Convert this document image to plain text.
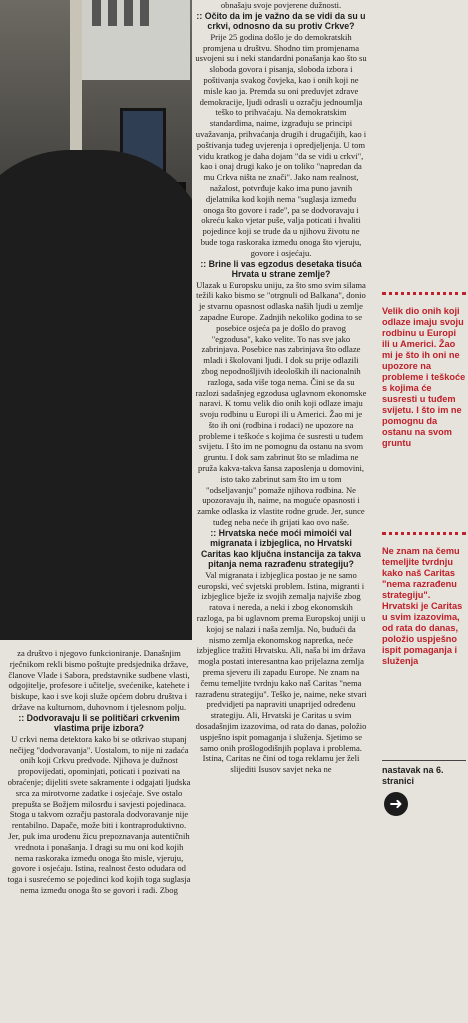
obnašaju svoje povjerene dužnosti.

:: Očito da im je važno da se vidi da su u crkvi, odnosno da su protiv Crkve?

Prije 25 godina došlo je do demokratskih promjena u društvu. Shodno tim promjenama usvojeni su i neki standardni ponašanja kao što su sloboda govora i pisanja, sloboda izbora i poštivanja svakog čovjeka, kao i onih koji ne misle kao ja. Premda su oni preduvjet zdrave demokracije, ljudi odrasli u ozračju jednoumlja teško to prihvaćaju. Na demokratskim standardima, naime, izgrađuju se principi uvažavanja, prihvaćanja drugih i drugačijih, kao i poštivanja tuđeg uvjerenja i opredjeljenja. U tom vidu kratkog je daha dojam "da se vidi u crkvi", kao i onaj drugi kako je on toliko "napredan da mu Crkva ništa ne znači". Jako nam realnost, nažalost, potvrđuje kako ima puno javnih djelatnika kod kojih nema "suglasja između onoga što govore i rade", pa se dodvoravaju i okreću kako vjetar puše, valja poticati i hvaliti pojedince koji se trude da u njihovu životu ne bude toga raskoraka između onoga što vjeruju, govore i osjećaju.

:: Brine li vas egzodus desetaka tisuća Hrvata u strane zemlje?

Ulazak u Europsku uniju, za što smo svim silama težili kako bismo se "otrgnuli od Balkana", donio je stvarnu opasnost odlaska naših ljudi u zemlje zapadne Europe. Zadnjih nekoliko godina to se posebice osjeća pa je došlo do pravog "egzodusa", kako velite. To nas sve jako zabrinjava. Posebice nas zabrinjava što odlaze mladi i školovani ljudi. I dok su prije odlazili zbog nepodnošljivih ideoloških ili nacionalnih razloga, sada više toga nema. Čini se da su razlozi sadašnjeg egzodusa uglavnom ekonomske naravi. K tomu velik dio onih koji odlaze imaju svoju rodbinu u Europi ili u Americi. Žao mi je što ih oni (rodbina i rodaci) ne upozore na probleme i teškoće s kojima će susresti u tuđem svijetu. I što im ne pomognu da ostanu na svom gruntu. I dok sam zabrinut što se mladima ne pruža kakva-takva šansa zaposlenja u domovini, isto tako zabrinut sam što im u tom "odseljavanju" pomaže njihova rodbina. Ne upozoravaju ih, naime, na moguće opasnosti i zamke odlaska iz vlastite rodne grude. Jer, sunce tuđeg neba neće ih grijati kao ovo naše.

:: Hrvatska neće moći mimoići val migranata i izbjeglica, no Hrvatski Caritas kao ključna instancija za takva pitanja nema razrađenu strategiju?

Val migranata i izbjeglica postao je ne samo europski, već svjetski problem. Istina, migranti i izbjeglice bježe iz svojih zemalja najviše zbog ratova i nereda, a neki i zbog ekonomskih razloga, pa bi uglavnom prema Europskoj uniji u kojoj se nalazi i naša zemlja. No, budući da nismo zemlja ekonomskog napretka, neće izbjeglice tražiti Hrvatsku. Ali, naša bi im država mogla postati interesantna kao prijelazna zemlja prema sjeveru ili zapadu Europe. Ne znam na čemu temeljite tvrdnju kako naš Caritas "nema razrađenu strategiju". Teško je, naime, neke stvari predvidjeti pa napraviti unaprijed određenu strategiju. Ali, Hrvatski je Caritas u svim dosadašnjim izazovima, od rata do danas, položio uspješno ispit pomaganja i služenja. Sjetimo se samo onih prošlogodišnjih poplava i problema. Istina, Caritas ne čini od toga reklamu jer želi slijediti Isusov savjet neka ne

za društvo i njegovo funkcioniranje. Današnjim rječnikom rekli bismo poštujte predsjednika države, članove Vlade i Sabora, predstavnike sudbene vlasti, odgojitelje, profesore i učitelje, svećenike, katehete i biskupe, kao i sve koji služe općem dobru društva i države na kulturnom, duhovnom i tjelesnom polju.

:: Dodvoravaju li se političari crkvenim vlastima prije izbora?

U crkvi nema detektora kako bi se otkrivao stupanj nečijeg "dodvoravanja". Uostalom, to nije ni zadaća onih koji Crkvu predvode. Njihova je dužnost propovijedati, opominjati, poticati i pozivati na obraćenje; dijeliti svete sakramente i odgajati ljudska srca za mirotvorne zadatke i osjećaje. Sve ostalo prepušta se Božjem milosrđu i savjesti pojedinaca. Stoga u takvom ozračju pastorala dodvoravanje nije rentabilno. Dapače, može biti i kontraproduktivno. Jer, puk ima urođenu žicu prepoznavanja autentičnih vrednota i ponašanja. I dragi su mu oni kod kojih nema raskoraka između onoga što misle, vjeruju, govore i osjećaju. Istina, realnost često odudara od toga i susrećemo se pojedinci kod kojih toga suglasja nema između onoga što se govori i radi. Zbog

Velik dio onih koji odlaze imaju svoju rodbinu u Europi ili u Americi. Žao mi je što ih oni ne upozore na probleme i teškoće s kojima će susresti u tuđem svijetu. I što im ne pomognu da ostanu na svom gruntu
Ne znam na čemu temeljite tvrdnju kako naš Caritas "nema razrađenu strategiju". Hrvatski je Caritas u svim izazovima, od rata do danas, položio uspješno ispit pomaganja i služenja
nastavak na 6. stranici
➜
